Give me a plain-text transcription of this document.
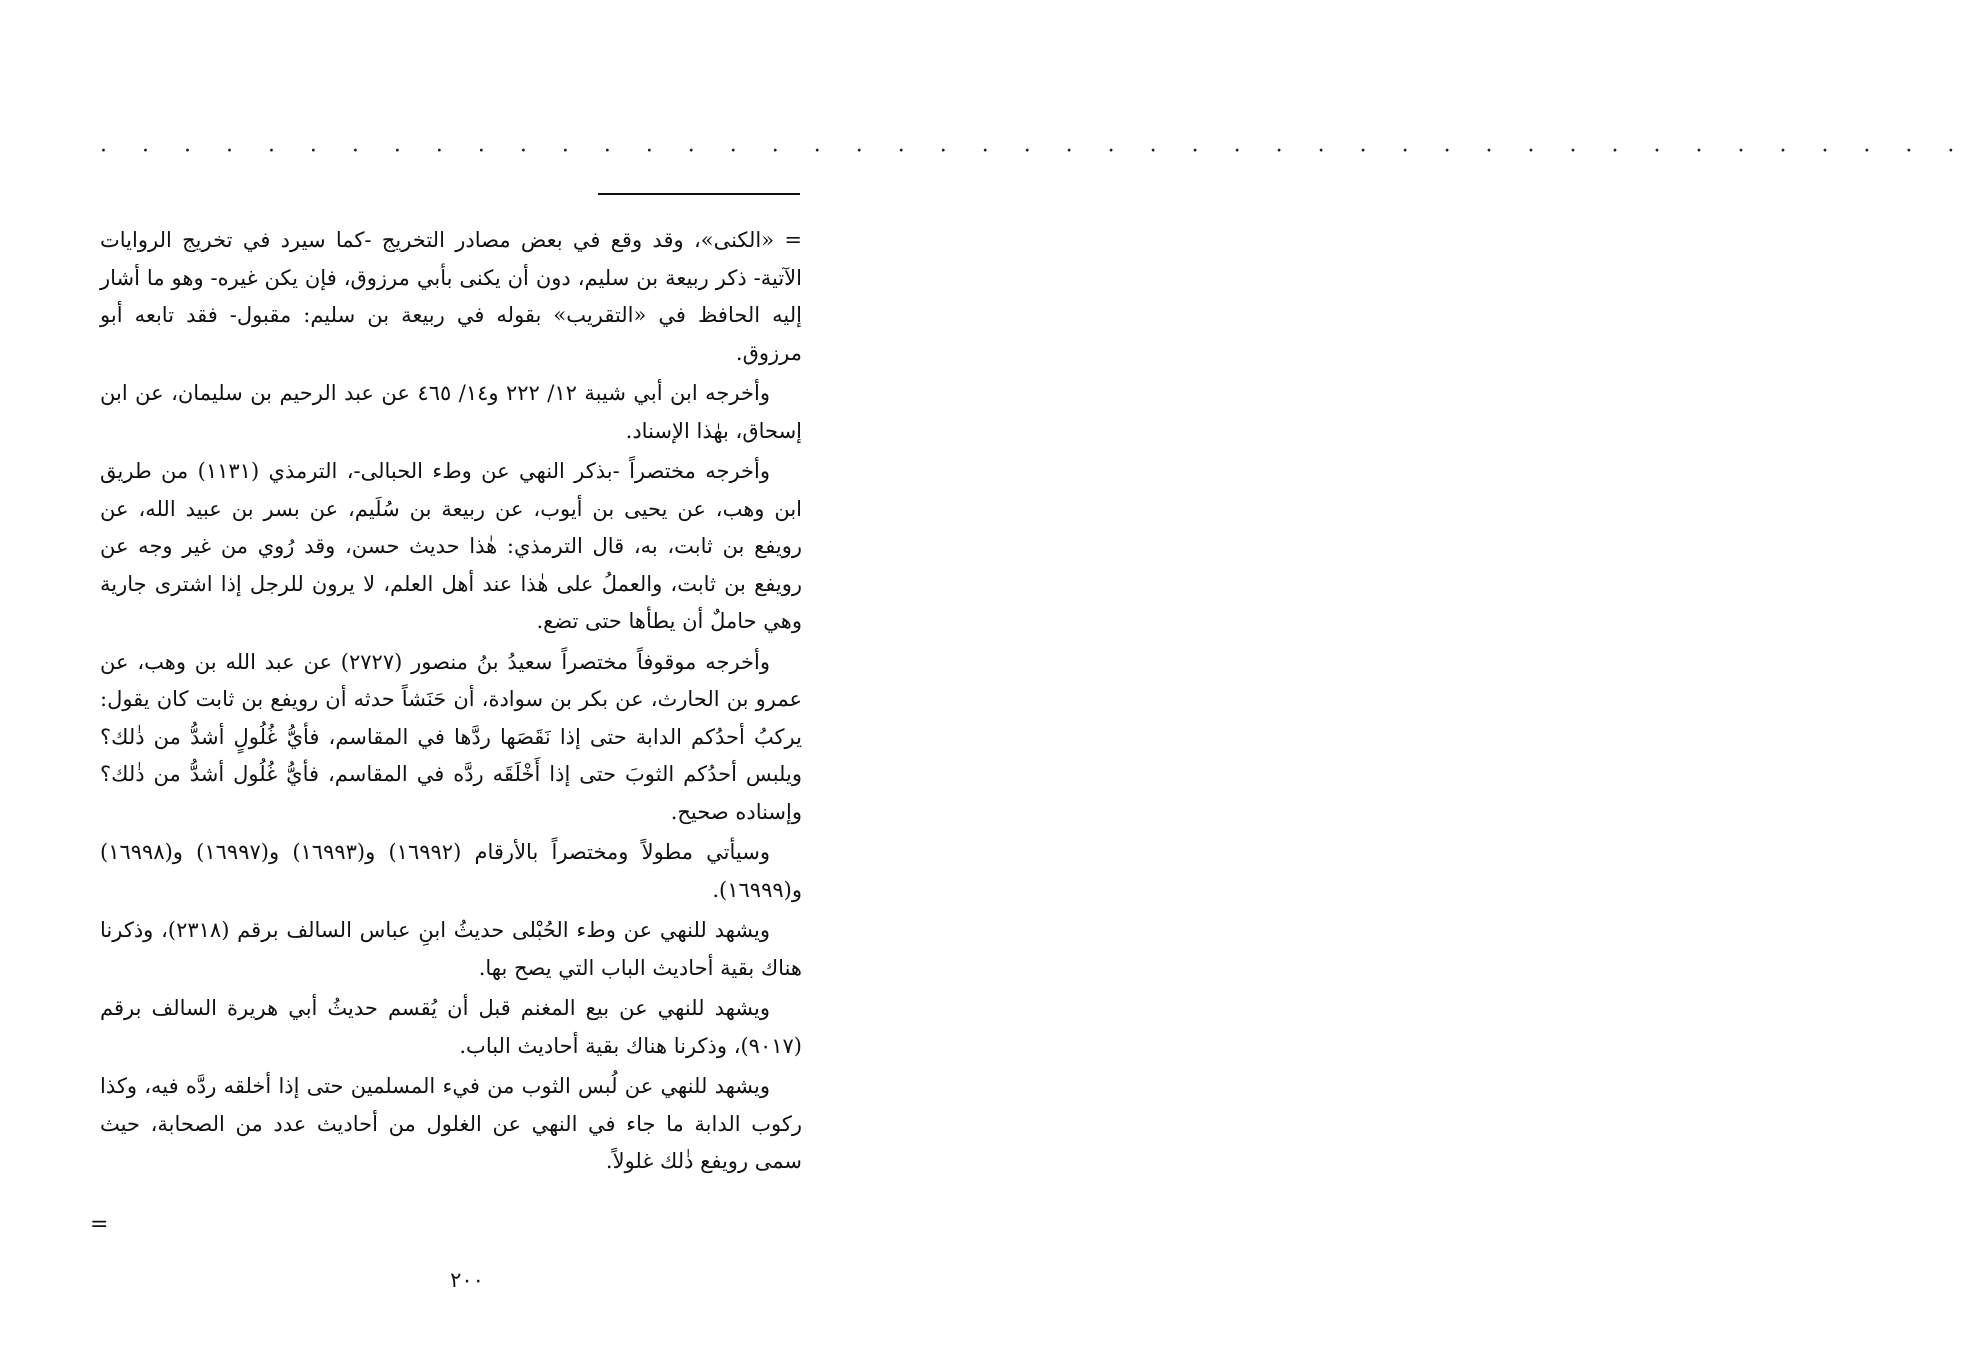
· · · · · · · · · · · · · · · · · · · · · · · · · · · · · · · · · · · · · · · · · · · · ·

= «الكنى»، وقد وقع في بعض مصادر التخريج -كما سيرد في تخريج الروايات الآتية- ذكر ربيعة بن سليم، دون أن يكنى بأبي مرزوق، فإن يكن غيره- وهو ما أشار إليه الحافظ في «التقريب» بقوله في ربيعة بن سليم: مقبول- فقد تابعه أبو مرزوق.

وأخرجه ابن أبي شيبة ١٢/ ٢٢٢ و١٤/ ٤٦٥ عن عبد الرحيم بن سليمان، عن ابن إسحاق، بهٰذا الإسناد.

وأخرجه مختصراً -بذكر النهي عن وطء الحبالى-، الترمذي (١١٣١) من طريق ابن وهب، عن يحيى بن أيوب، عن ربيعة بن سُلَيم، عن بسر بن عبيد الله، عن رويفع بن ثابت، به، قال الترمذي: هٰذا حديث حسن، وقد رُوي من غير وجه عن رويفع بن ثابت، والعملُ على هٰذا عند أهل العلم، لا يرون للرجل إذا اشترى جارية وهي حاملٌ أن يطأها حتى تضع.

وأخرجه موقوفاً مختصراً سعيدُ بنُ منصور (٢٧٢٧) عن عبد الله بن وهب، عن عمرو بن الحارث، عن بكر بن سوادة، أن حَنَشاً حدثه أن رويفع بن ثابت كان يقول: يركبُ أحدُكم الدابة حتى إذا نَقَصَها ردَّها في المقاسم، فأيُّ غُلُولٍ أشدُّ من ذٰلك؟ ويلبس أحدُكم الثوبَ حتى إذا أَخْلَقَه ردَّه في المقاسم، فأيُّ غُلُول أشدُّ من ذٰلك؟ وإسناده صحيح.

وسيأتي مطولاً ومختصراً بالأرقام (١٦٩٩٢) و(١٦٩٩٣) و(١٦٩٩٧) و(١٦٩٩٨) و(١٦٩٩٩).

ويشهد للنهي عن وطء الحُبْلى حديثُ ابنِ عباس السالف برقم (٢٣١٨)، وذكرنا هناك بقية أحاديث الباب التي يصح بها.

ويشهد للنهي عن بيع المغنم قبل أن يُقسم حديثُ أبي هريرة السالف برقم (٩٠١٧)، وذكرنا هناك بقية أحاديث الباب.

ويشهد للنهي عن لُبس الثوب من فيء المسلمين حتى إذا أخلقه ردَّه فيه، وكذا ركوب الدابة ما جاء في النهي عن الغلول من أحاديث عدد من الصحابة، حيث سمى رويفع ذٰلك غلولاً.

=
٢٠٠
